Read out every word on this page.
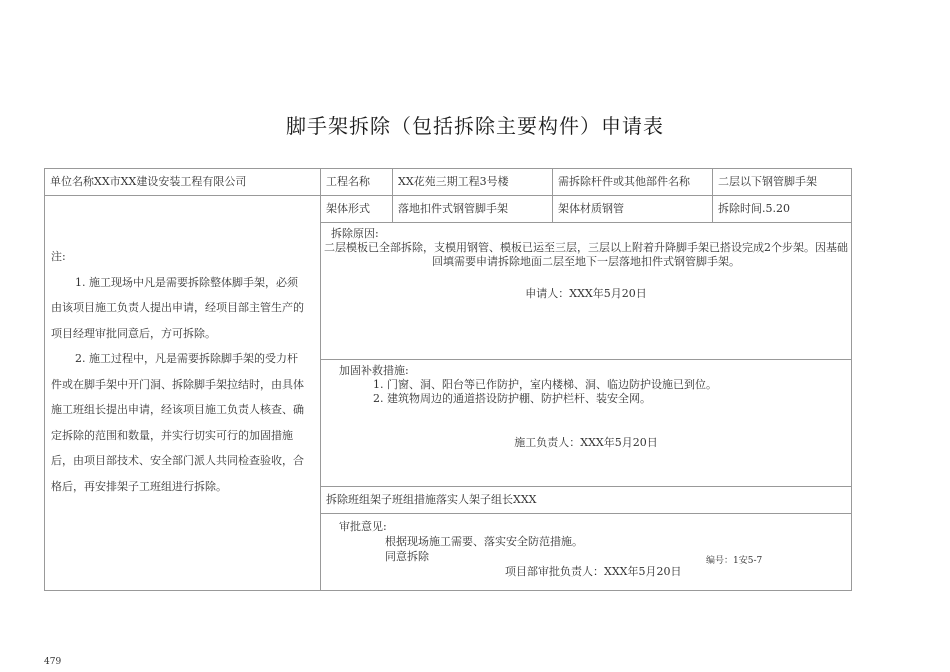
脚手架拆除（包括拆除主要构件）申请表
单位名称XX市XX建设安装工程有限公司	工程名称	XX花苑三期工程3号楼	需拆除杆件或其他部件名称	二层以下钢管脚手架

注:
1. 施工现场中凡是需要拆除整体脚手架，必须由该项目施工负责人提出申请，经项目部主管生产的项目经理审批同意后，方可拆除。
2. 施工过程中，凡是需要拆除脚手架的受力杆件或在脚手架中开门洞、拆除脚手架拉结时，由具体施工班组长提出申请，经该项目施工负责人核查、确定拆除的范围和数量，并实行切实可行的加固措施后，由项目部技术、安全部门派人共同检查验收，合格后，再安排架子工班组进行拆除。	架体形式	落地扣件式钢管脚手架	架体材质钢管	拆除时间.5.20

	拆除原因:
二层模板已全部拆除，支模用钢管、模板已运至三层，三层以上附着升降脚手架已搭设完成2个步架。因基础回填需要申请拆除地面二层至地下一层落地扣件式钢管脚手架。
申请人：XXX年5月20日			

	加固补救措施:
1. 门窗、洞、阳台等已作防护，室内楼梯、洞、临边防护设施已到位。
2. 建筑物周边的通道搭设防护棚、防护栏杆、装安全网。
施工负责人：XXX年5月20日			

	拆除班组架子班组措施落实人架子组长XXX			

	审批意见:
根据现场施工需要、落实安全防范措施。
同意拆除
项目部审批负责人：XXX年5月20日			
编号：1安5-7
479
